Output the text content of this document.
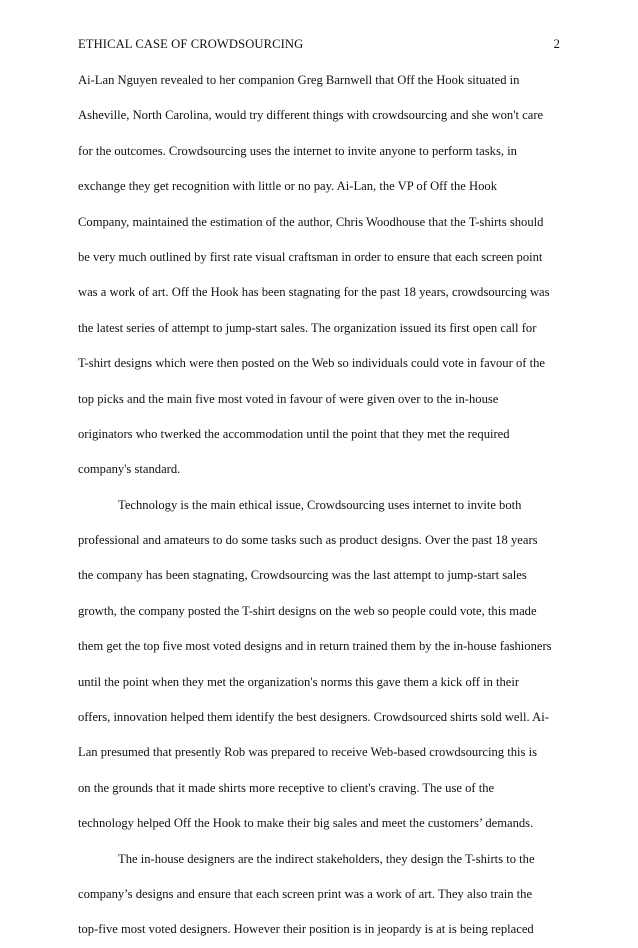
ETHICAL CASE OF CROWDSOURCING	2
Ai-Lan Nguyen revealed to her companion Greg Barnwell that Off the Hook situated in
Asheville, North Carolina, would try different things with crowdsourcing and she won't care
for the outcomes. Crowdsourcing uses the internet to invite anyone to perform tasks, in
exchange they get recognition with little or no pay. Ai-Lan, the VP of Off the Hook
Company, maintained the estimation of the author, Chris Woodhouse that the T-shirts should
be very much outlined by first rate visual craftsman in order to ensure that each screen point
was a work of art. Off the Hook has been stagnating for the past 18 years, crowdsourcing was
the latest series of attempt to jump-start sales. The organization issued its first open call for
T-shirt designs which were then posted on the Web so individuals could vote in favour of the
top picks and the main five most voted in favour of were given over to the in-house
originators who twerked the accommodation until the point that they met the required
company's standard.
Technology is the main ethical issue, Crowdsourcing uses internet to invite both
professional and amateurs to do some tasks such as product designs. Over the past 18 years
the company has been stagnating, Crowdsourcing was the last attempt to jump-start sales
growth, the company posted the T-shirt designs on the web so people could vote, this made
them get the top five most voted designs and in return trained them by the in-house fashioners
until the point when they met the organization's norms this gave them a kick off in their
offers, innovation helped them identify the best designers. Crowdsourced shirts sold well. Ai-
Lan presumed that presently Rob was prepared to receive Web-based crowdsourcing this is
on the grounds that it made shirts more receptive to client's craving. The use of the
technology helped Off the Hook to make their big sales and meet the customers’ demands.
The in-house designers are the indirect stakeholders, they design the T-shirts to the
company’s designs and ensure that each screen print was a work of art. They also train the
top-five most voted designers. However their position is in jeopardy is at is being replaced
